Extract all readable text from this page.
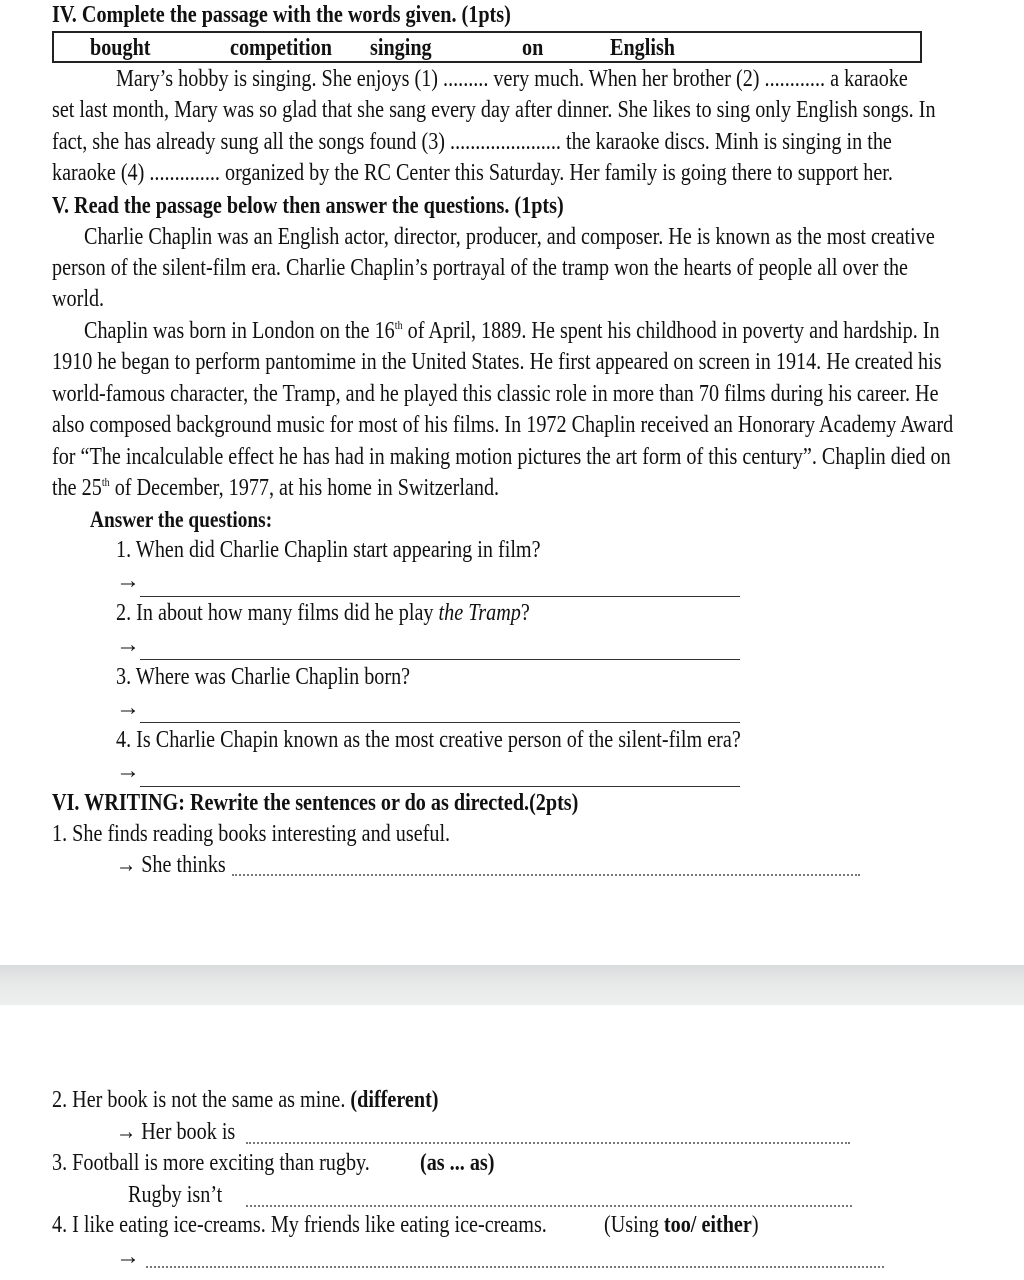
IV. Complete the passage with the words given. (1pts)
bought	competition singing	on	English
Mary’s hobby is singing. She enjoys (1) ......... very much. When her brother (2) ............ a karaoke
set last month, Mary was so glad that she sang every day after dinner. She likes to sing only English songs. In
fact, she has already sung all the songs found (3) ...................... the karaoke discs. Minh is singing in the
karaoke (4) .............. organized by the RC Center this Saturday. Her family is going there to support her.
V. Read the passage below then answer the questions. (1pts)
Charlie Chaplin was an English actor, director, producer, and composer. He is known as the most creative
person of the silent-film era. Charlie Chaplin’s portrayal of the tramp won the hearts of people all over the
world.
Chaplin was born in London on the 16th of April, 1889. He spent his childhood in poverty and hardship. In
1910 he began to perform pantomime in the United States. He first appeared on screen in 1914. He created his
world-famous character, the Tramp, and he played this classic role in more than 70 films during his career. He
also composed background music for most of his films. In 1972 Chaplin received an Honorary Academy Award
for “The incalculable effect he has had in making motion pictures the art form of this century”. Chaplin died on
the 25th of December, 1977, at his home in Switzerland.
Answer the questions:
1. When did Charlie Chaplin start appearing in film?
→
2. In about how many films did he play the Tramp?
→
3. Where was Charlie Chaplin born?
→
4. Is Charlie Chapin known as the most creative person of the silent-film era?
→
VI. WRITING: Rewrite the sentences or do as directed.(2pts)
1. She finds reading books interesting and useful.
→ She thinks
2. Her book is not the same as mine. (different)
→ Her book is
3. Football is more exciting than rugby. (as ... as)
Rugby isn’t
4. I like eating ice-creams. My friends like eating ice-creams. (Using too/ either)
→
